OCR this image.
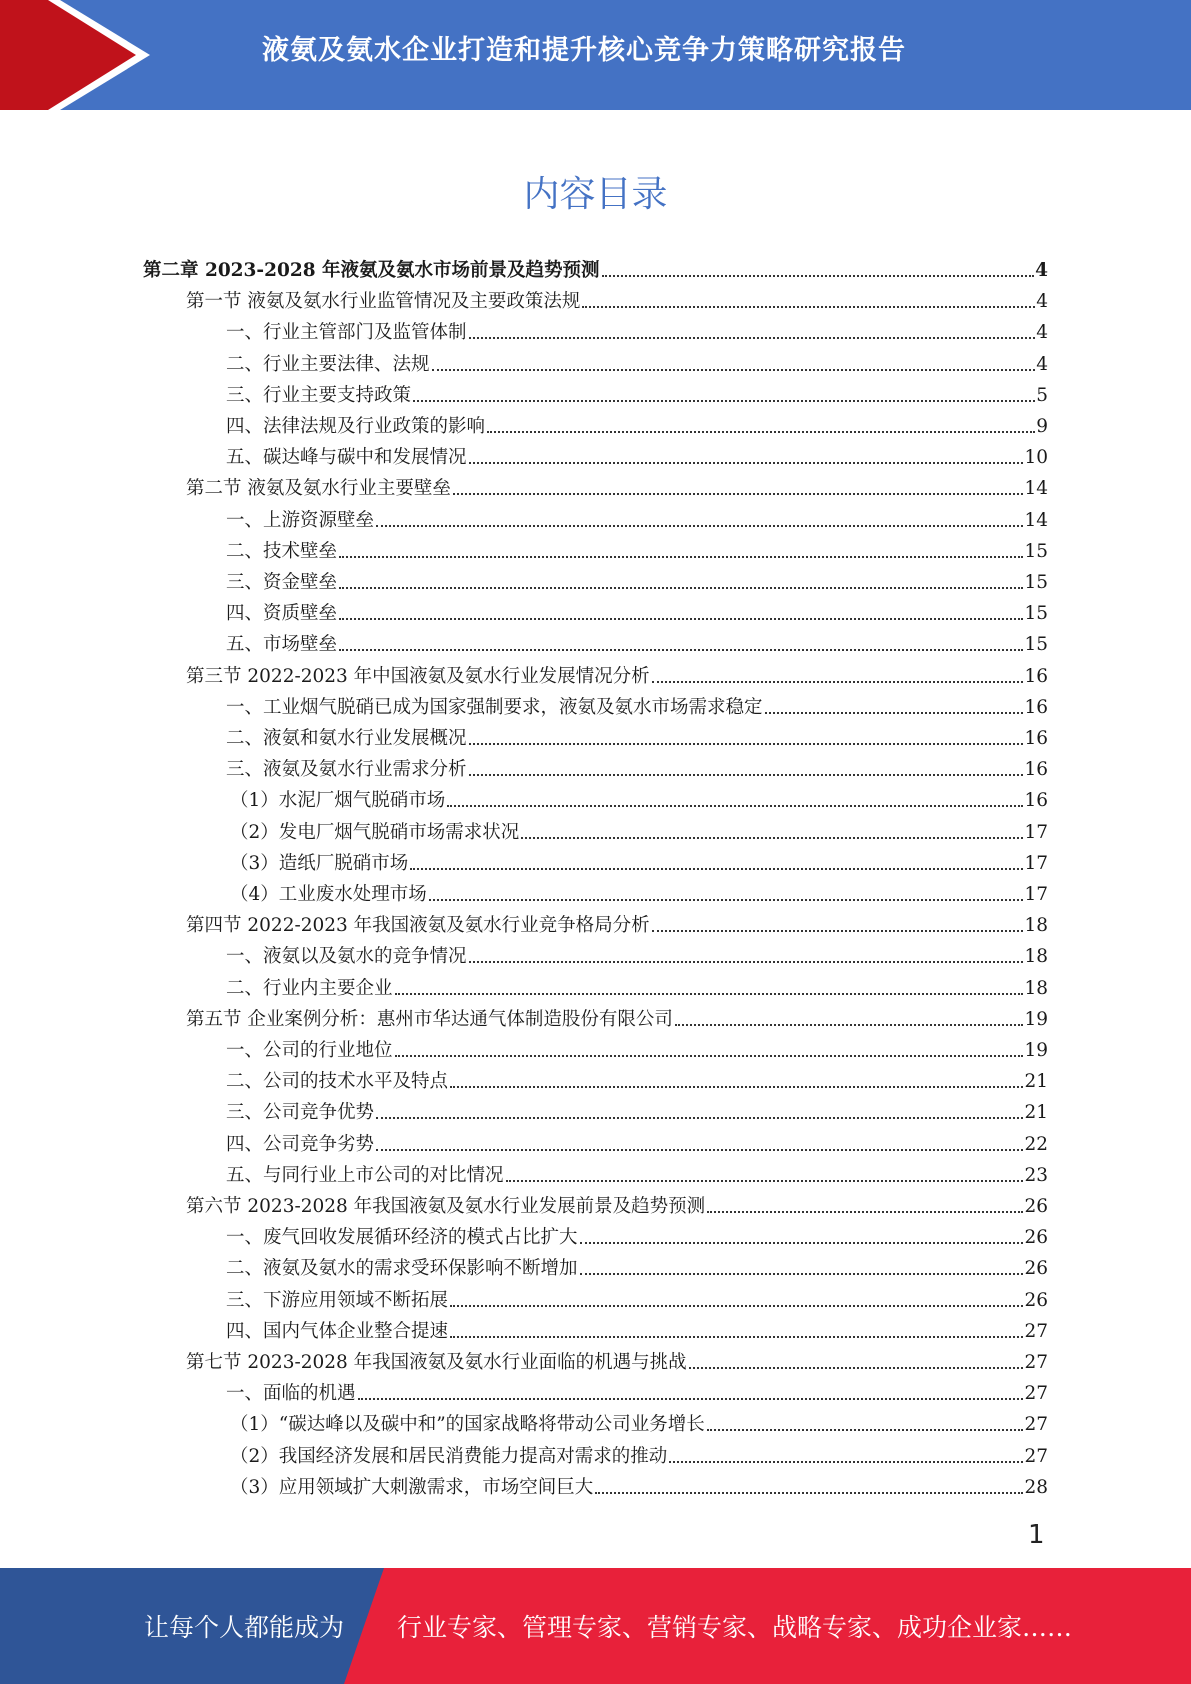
液氨及氨水企业打造和提升核心竞争力策略研究报告
内容目录
第二章 2023-2028 年液氨及氨水市场前景及趋势预测	4
第一节 液氨及氨水行业监管情况及主要政策法规	4
一、行业主管部门及监管体制	4
二、行业主要法律、法规	4
三、行业主要支持政策	5
四、法律法规及行业政策的影响	9
五、碳达峰与碳中和发展情况	10
第二节 液氨及氨水行业主要壁垒	14
一、上游资源壁垒	14
二、技术壁垒	15
三、资金壁垒	15
四、资质壁垒	15
五、市场壁垒	15
第三节 2022-2023 年中国液氨及氨水行业发展情况分析	16
一、工业烟气脱硝已成为国家强制要求，液氨及氨水市场需求稳定	16
二、液氨和氨水行业发展概况	16
三、液氨及氨水行业需求分析	16
（1）水泥厂烟气脱硝市场	16
（2）发电厂烟气脱硝市场需求状况	17
（3）造纸厂脱硝市场	17
（4）工业废水处理市场	17
第四节 2022-2023 年我国液氨及氨水行业竞争格局分析	18
一、液氨以及氨水的竞争情况	18
二、行业内主要企业	18
第五节 企业案例分析：惠州市华达通气体制造股份有限公司	19
一、公司的行业地位	19
二、公司的技术水平及特点	21
三、公司竞争优势	21
四、公司竞争劣势	22
五、与同行业上市公司的对比情况	23
第六节 2023-2028 年我国液氨及氨水行业发展前景及趋势预测	26
一、废气回收发展循环经济的模式占比扩大	26
二、液氨及氨水的需求受环保影响不断增加	26
三、下游应用领域不断拓展	26
四、国内气体企业整合提速	27
第七节 2023-2028 年我国液氨及氨水行业面临的机遇与挑战	27
一、面临的机遇	27
（1）“碳达峰以及碳中和”的国家战略将带动公司业务增长	27
（2）我国经济发展和居民消费能力提高对需求的推动	27
（3）应用领域扩大刺激需求，市场空间巨大	28
1
让每个人都能成为 行业专家、管理专家、营销专家、战略专家、成功企业家……
